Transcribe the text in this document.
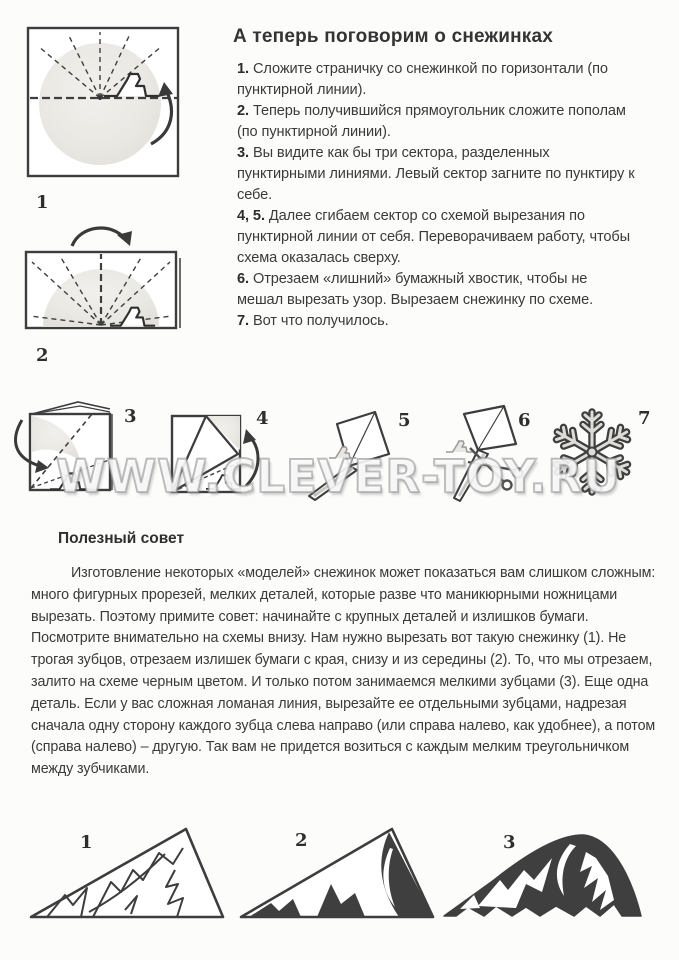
1
2
А теперь поговорим о снежинках

1. Сложите страничку со снежинкой по горизонтали (по пунктирной линии).

2. Теперь получившийся прямоугольник сложите пополам (по пунктирной линии).

3. Вы видите как бы три сектора, разделенных пунктирными линиями. Левый сектор загните по пунктиру к себе.

4, 5. Далее сгибаем сектор со схемой вырезания по пунктирной линии от себя. Переворачиваем работу, чтобы схема оказалась сверху.

6. Отрезаем «лишний» бумажный хвостик, чтобы не мешал вырезать узор. Вырезаем снежинку по схеме.

7. Вот что получилось.

3	4	5	6	7
WWW.CLEVER-TOY.RU
Полезный совет
Изготовление некоторых «моделей» снежинок может показаться вам слишком сложным: много фигурных прорезей, мелких деталей, которые разве что маникюрными ножницами вырезать. Поэтому примите совет: начинайте с крупных деталей и излишков бумаги. Посмотрите внимательно на схемы внизу. Нам нужно вырезать вот такую снежинку (1). Не трогая зубцов, отрезаем излишек бумаги с края, снизу и из середины (2). То, что мы отрезаем, залито на схеме черным цветом. И только потом занимаемся мелкими зубцами (3). Еще одна деталь. Если у вас сложная ломаная линия, вырезайте ее отдельными зубцами, надрезая сначала одну сторону каждого зубца слева направо (или справа налево, как удобнее), а потом (справа налево) – другую. Так вам не придется возиться с каждым мелким треугольничком между зубчиками.
1	2	3
